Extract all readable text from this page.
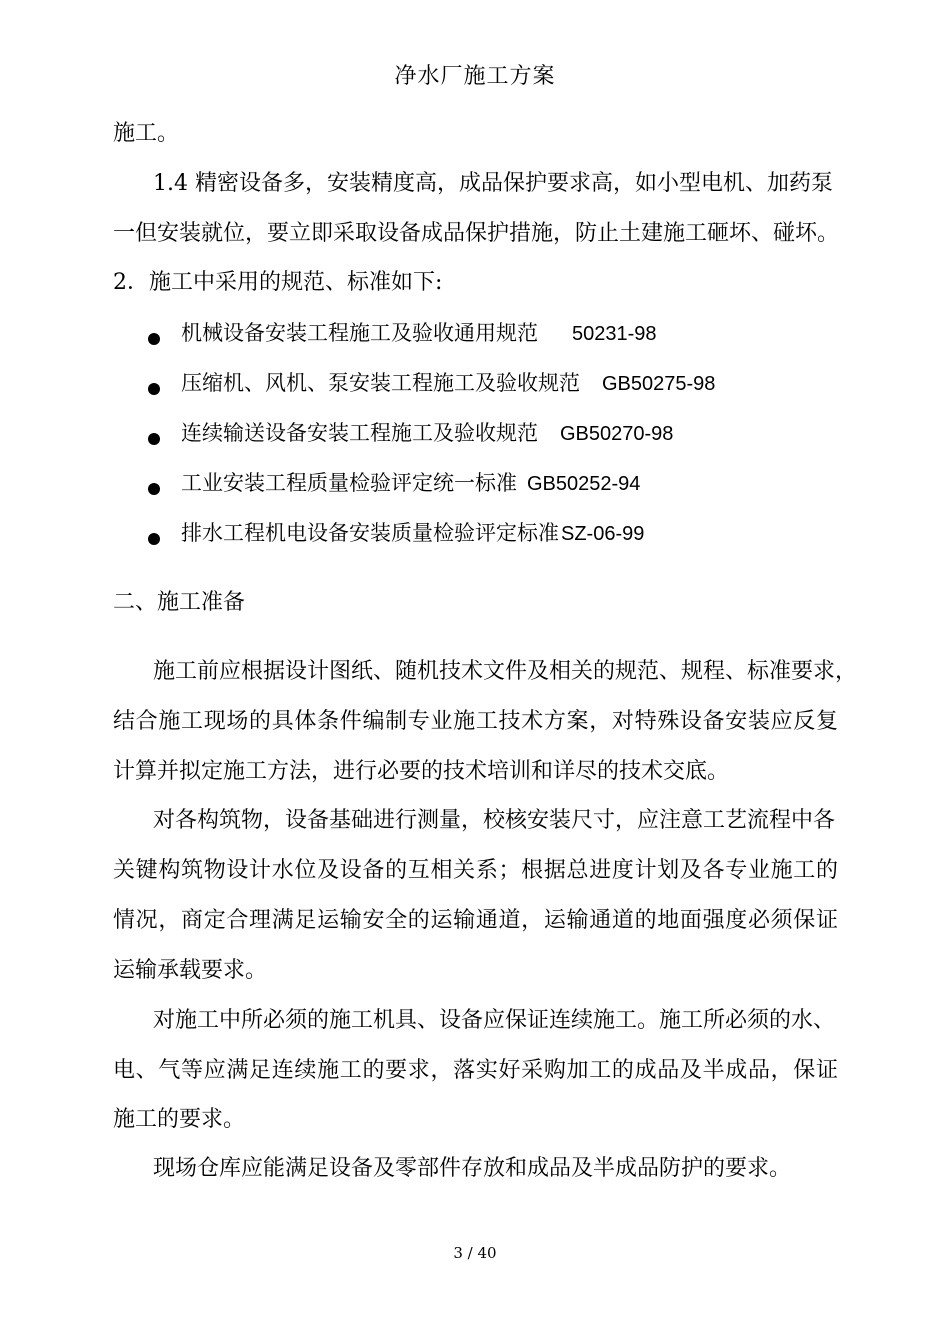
净水厂施工方案
施工。
1.4 精密设备多，安装精度高，成品保护要求高，如小型电机、加药泵
一但安装就位，要立即采取设备成品保护措施，防止土建施工砸坏、碰坏。
2．施工中采用的规范、标准如下:
机械设备安装工程施工及验收通用规范 50231-98
压缩机、风机、泵安装工程施工及验收规范 GB50275-98
连续输送设备安装工程施工及验收规范 GB50270-98
工业安装工程质量检验评定统一标准 GB50252-94
排水工程机电设备安装质量检验评定标准 SZ-06-99
二、施工准备
施工前应根据设计图纸、随机技术文件及相关的规范、规程、标准要求，
结合施工现场的具体条件编制专业施工技术方案，对特殊设备安装应反复
计算并拟定施工方法，进行必要的技术培训和详尽的技术交底。
对各构筑物，设备基础进行测量，校核安装尺寸，应注意工艺流程中各
关键构筑物设计水位及设备的互相关系；根据总进度计划及各专业施工的
情况，商定合理满足运输安全的运输通道，运输通道的地面强度必须保证
运输承载要求。
对施工中所必须的施工机具、设备应保证连续施工。施工所必须的水、
电、气等应满足连续施工的要求，落实好采购加工的成品及半成品，保证
施工的要求。
现场仓库应能满足设备及零部件存放和成品及半成品防护的要求。
3 / 40
